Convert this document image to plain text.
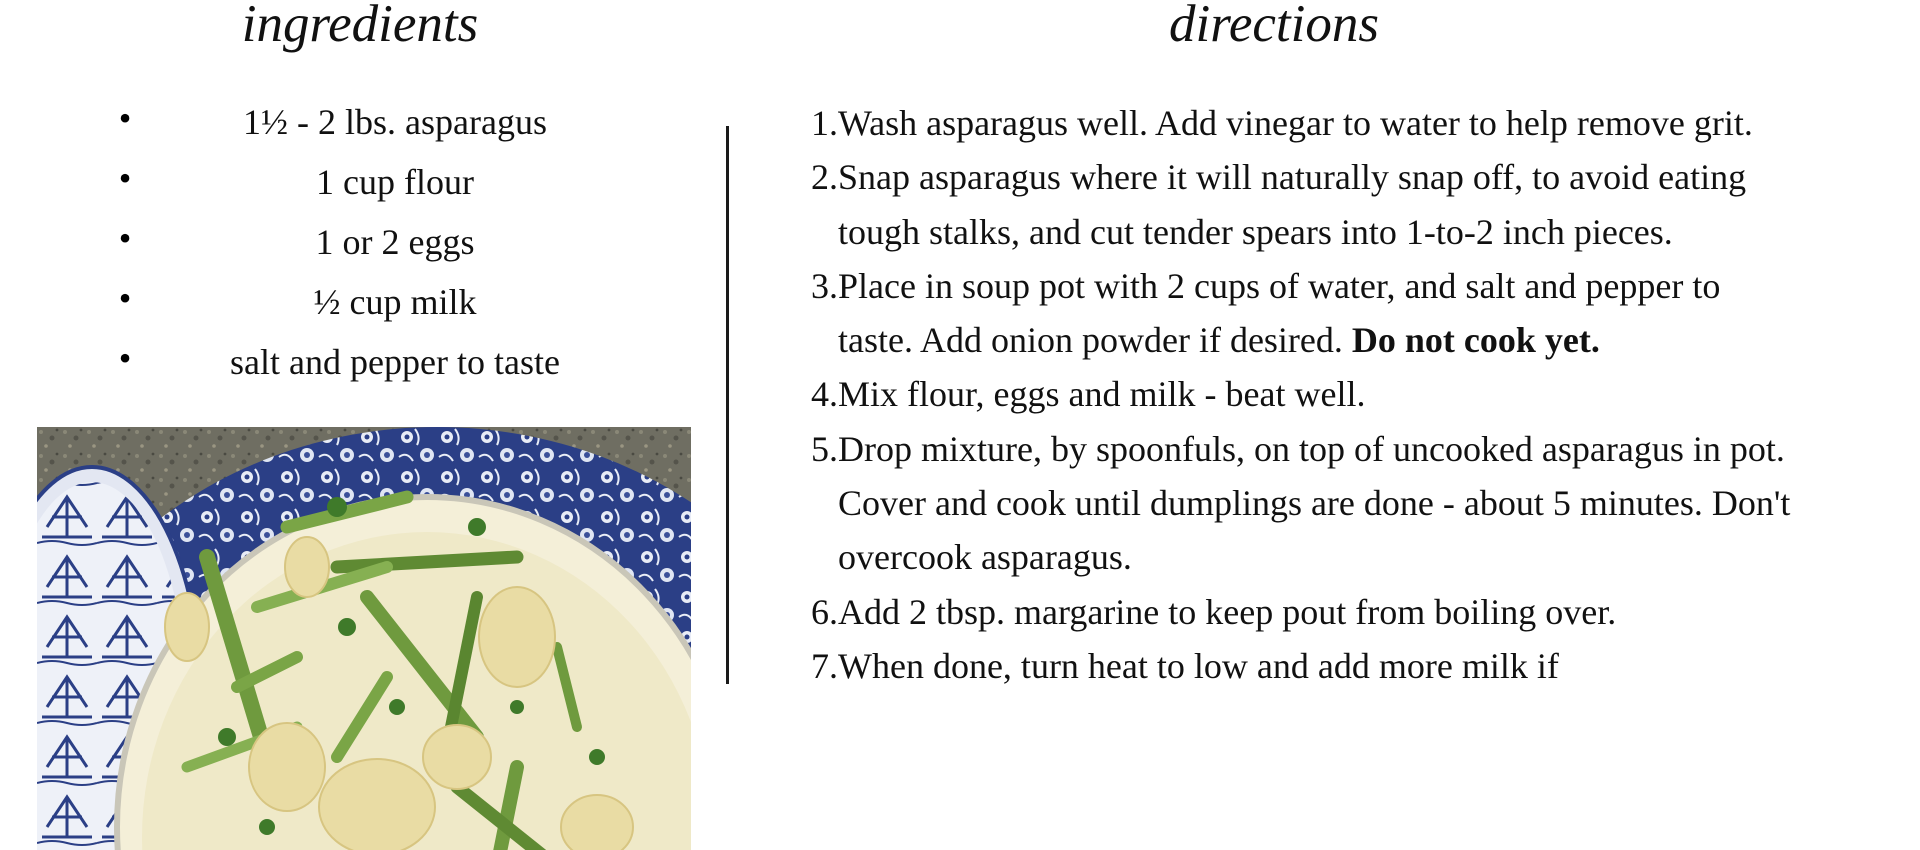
ingredients	directions
•	1½ - 2 lbs. asparagus
•	1 cup flour
•	1 or 2 eggs
•	½ cup milk
•	salt and pepper to taste
1. Wash asparagus well. Add vinegar to water to help remove grit.
2. Snap asparagus where it will naturally snap off, to avoid eating tough stalks, and cut tender spears into 1-to-2 inch pieces.
3. Place in soup pot with 2 cups of water, and salt and pepper to taste. Add onion powder if desired. Do not cook yet.
4. Mix flour, eggs and milk - beat well.
5. Drop mixture, by spoonfuls, on top of uncooked asparagus in pot. Cover and cook until dumplings are done - about 5 minutes. Don't overcook asparagus.
6. Add 2 tbsp. margarine to keep pout from boiling over.
7. When done, turn heat to low and add more milk if
